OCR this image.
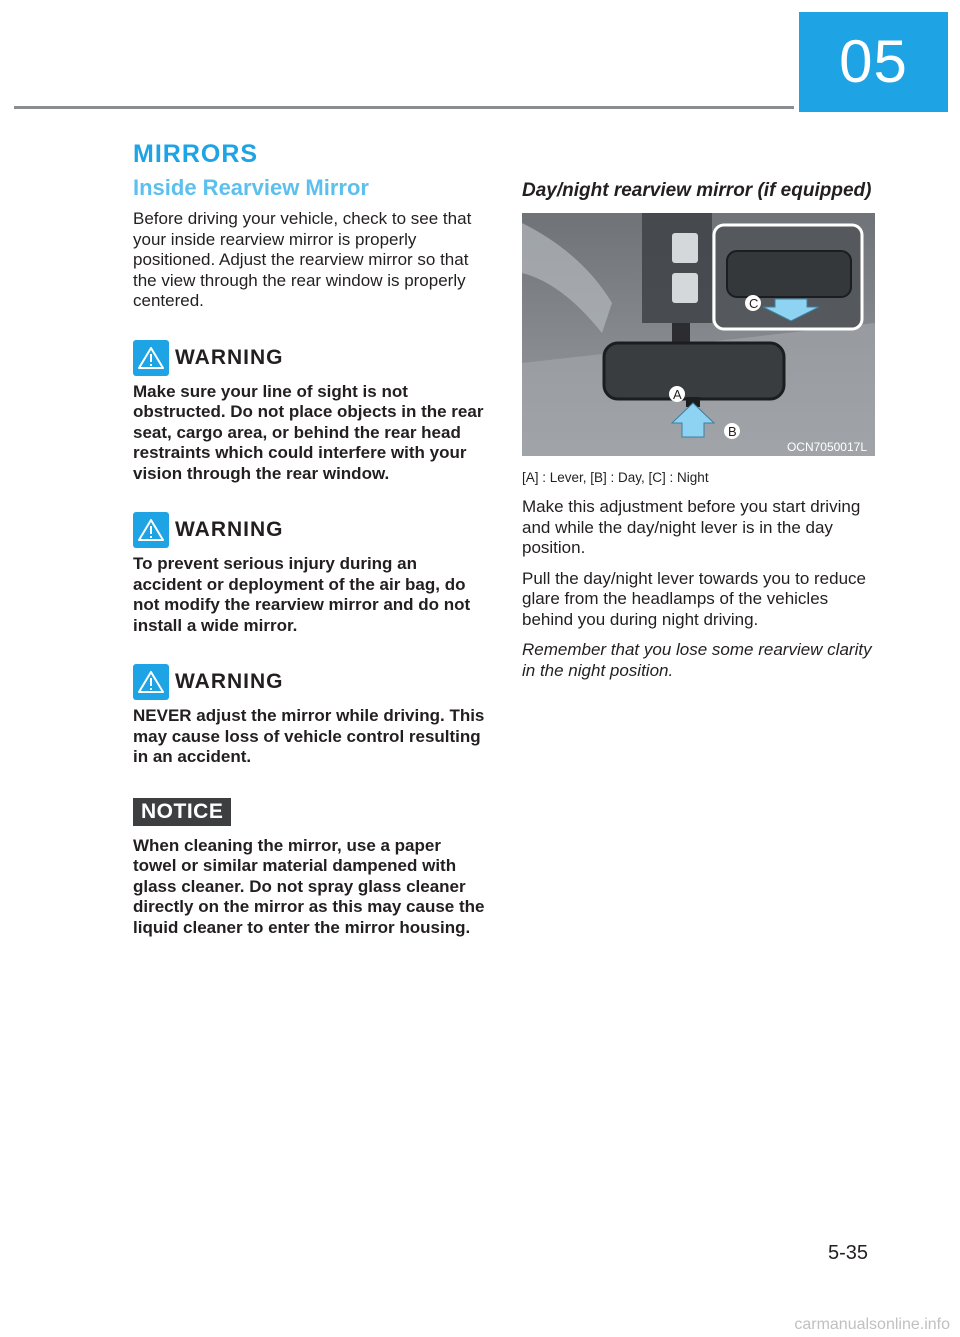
05
MIRRORS
Inside Rearview Mirror

Before driving your vehicle, check to see that your inside rearview mirror is properly positioned. Adjust the rearview mirror so that the view through the rear window is properly centered.

WARNING

Make sure your line of sight is not obstructed. Do not place objects in the rear seat, cargo area, or behind the rear head restraints which could interfere with your vision through the rear window.

WARNING

To prevent serious injury during an accident or deployment of the air bag, do not modify the rearview mirror and do not install a wide mirror.

WARNING

NEVER adjust the mirror while driving. This may cause loss of vehicle control resulting in an accident.

NOTICE

When cleaning the mirror, use a paper towel or similar material dampened with glass cleaner. Do not spray glass cleaner directly on the mirror as this may cause the liquid cleaner to enter the mirror housing.

Day/night rearview mirror (if equipped)
A
B
C
OCN7050017L

[A] : Lever, [B] : Day, [C] : Night

Make this adjustment before you start driving and while the day/night lever is in the day position.

Pull the day/night lever towards you to reduce glare from the headlamps of the vehicles behind you during night driving.

Remember that you lose some rearview clarity in the night position.

5-35
carmanualsonline.info
